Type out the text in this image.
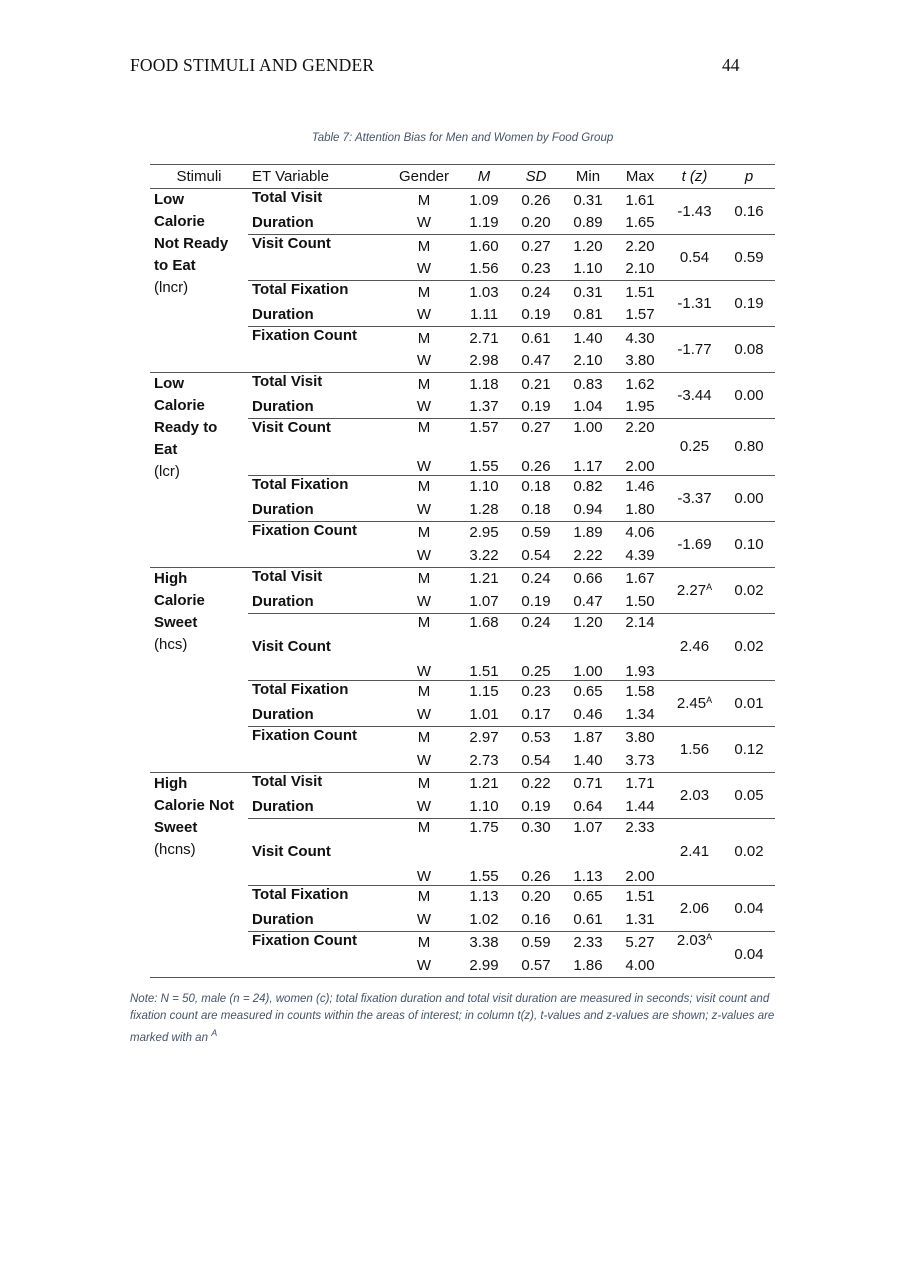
FOOD STIMULI AND GENDER	44
Table 7: Attention Bias for Men and Women by Food Group
Stimuli	ET Variable	Gender	M	SD	Min	Max	t (z)	p

Low
Calorie
Not Ready
to Eat
(lncr)	Total Visit	M	1.09	0.26	0.31	1.61	-1.43	0.16
	Duration	W	1.19	0.20	0.89	1.65		
	Visit Count	M	1.60	0.27	1.20	2.20	0.54	0.59
		W	1.56	0.23	1.10	2.10		
	Total Fixation	M	1.03	0.24	0.31	1.51	-1.31	0.19
	Duration	W	1.11	0.19	0.81	1.57		
	Fixation Count	M	2.71	0.61	1.40	4.30	-1.77	0.08
		W	2.98	0.47	2.10	3.80		

Low
Calorie
Ready to
Eat
(lcr)	Total Visit	M	1.18	0.21	0.83	1.62	-3.44	0.00
	Duration	W	1.37	0.19	1.04	1.95		
	Visit Count	M	1.57	0.27	1.00	2.20	0.25	0.80
		W	1.55	0.26	1.17	2.00		
	Total Fixation	M	1.10	0.18	0.82	1.46	-3.37	0.00
	Duration	W	1.28	0.18	0.94	1.80		
	Fixation Count	M	2.95	0.59	1.89	4.06	-1.69	0.10
		W	3.22	0.54	2.22	4.39		

High
Calorie
Sweet
(hcs)	Total Visit	M	1.21	0.24	0.66	1.67	$2.27^A$	0.02
	Duration	W	1.07	0.19	0.47	1.50		
	Visit Count	M	1.68	0.24	1.20	2.14	2.46	0.02
		W	1.51	0.25	1.00	1.93		
	Total Fixation	M	1.15	0.23	0.65	1.58	$2.45^A$	0.01
	Duration	W	1.01	0.17	0.46	1.34		
	Fixation Count	M	2.97	0.53	1.87	3.80	1.56	0.12
		W	2.73	0.54	1.40	3.73		

High
Calorie Not
Sweet
(hcns)	Total Visit	M	1.21	0.22	0.71	1.71	2.03	0.05
	Duration	W	1.10	0.19	0.64	1.44		
	Visit Count	M	1.75	0.30	1.07	2.33	2.41	0.02
		W	1.55	0.26	1.13	2.00		
	Total Fixation	M	1.13	0.20	0.65	1.51	2.06	0.04
	Duration	W	1.02	0.16	0.61	1.31		
	Fixation Count	M	3.38	0.59	2.33	5.27	$2.03^A$	0.04
		W	2.99	0.57	1.86	4.00		
Note: N = 50, male (n = 24), women (c); total fixation duration and total visit duration are measured in seconds; visit count and fixation count are measured in counts within the areas of interest; in column t(z), t-values and z-values are shown; z-values are marked with an $^A$
